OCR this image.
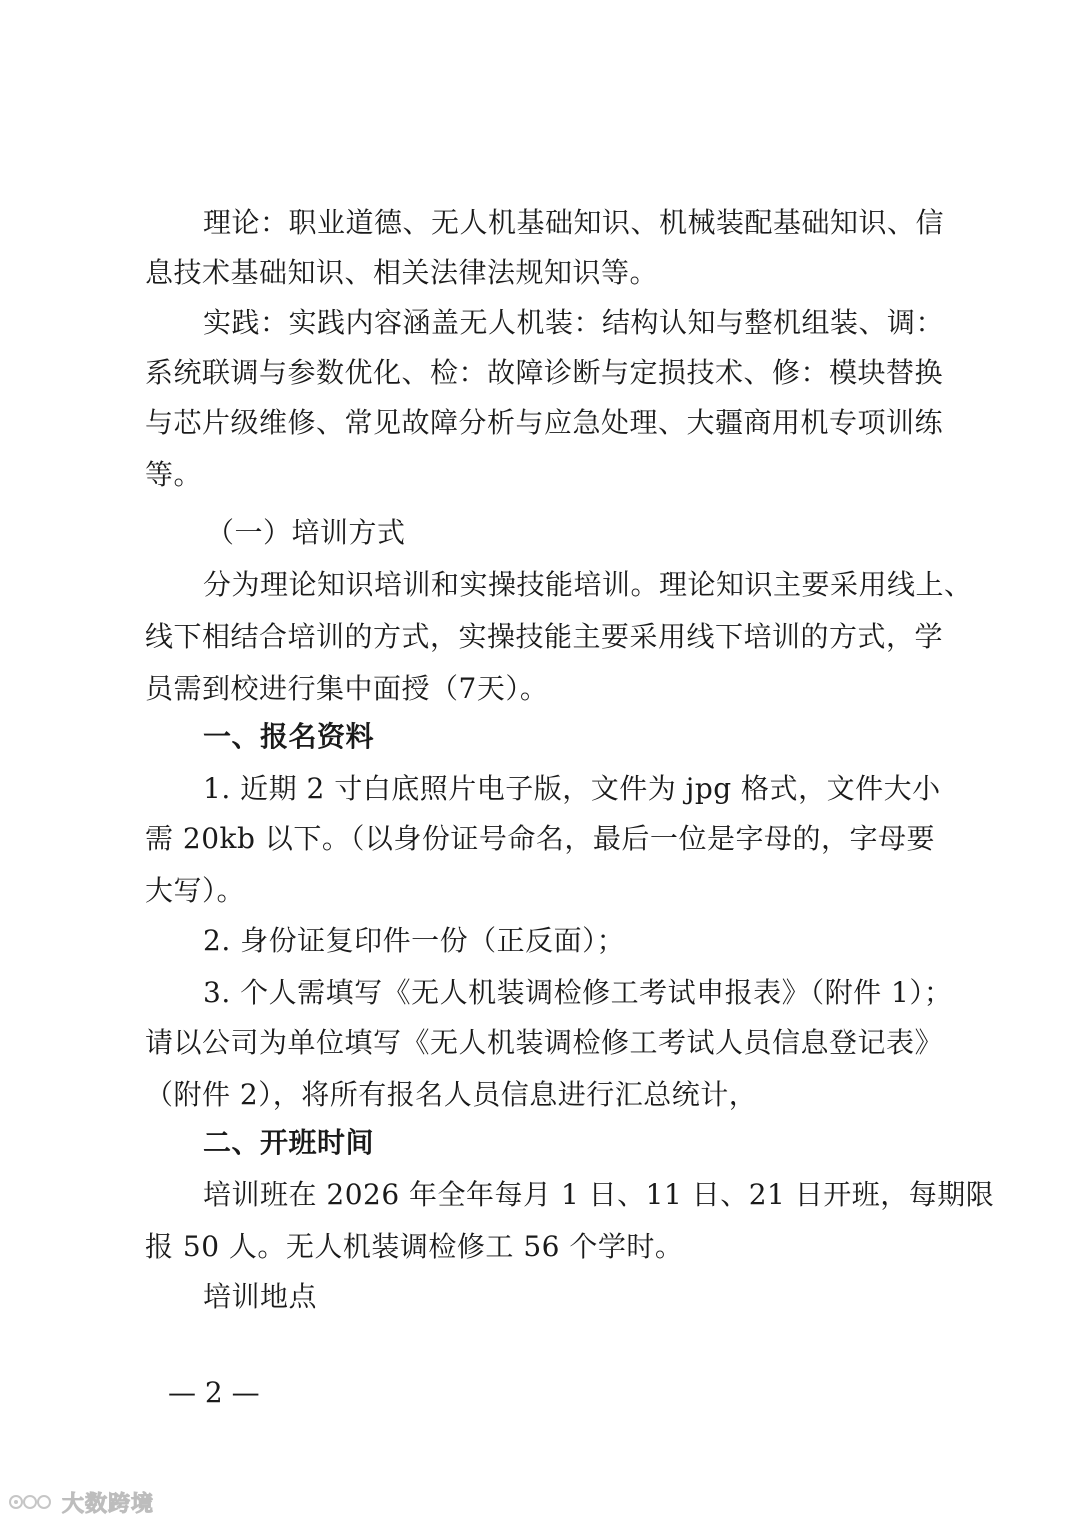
理论：职业道德、无人机基础知识、机械装配基础知识、信
息技术基础知识、相关法律法规知识等。
实践：实践内容涵盖无人机装：结构认知与整机组装、调：
系统联调与参数优化、检：故障诊断与定损技术、修：模块替换
与芯片级维修、常见故障分析与应急处理、大疆商用机专项训练
等。
（一）培训方式
分为理论知识培训和实操技能培训。理论知识主要采用线上、
线下相结合培训的方式，实操技能主要采用线下培训的方式，学
员需到校进行集中面授（7天）。
一、报名资料
1. 近期 2 寸白底照片电子版，文件为 jpg 格式，文件大小
需 20kb 以下。（以身份证号命名，最后一位是字母的，字母要
大写）。
2. 身份证复印件一份（正反面）；
3. 个人需填写《无人机装调检修工考试申报表》（附件 1）；
请以公司为单位填写《无人机装调检修工考试人员信息登记表》
（附件 2），将所有报名人员信息进行汇总统计，
二、开班时间
培训班在 2026 年全年每月 1 日、11 日、21 日开班，每期限
报 50 人。无人机装调检修工 56 个学时。
培训地点
— 2 —
大数跨境
